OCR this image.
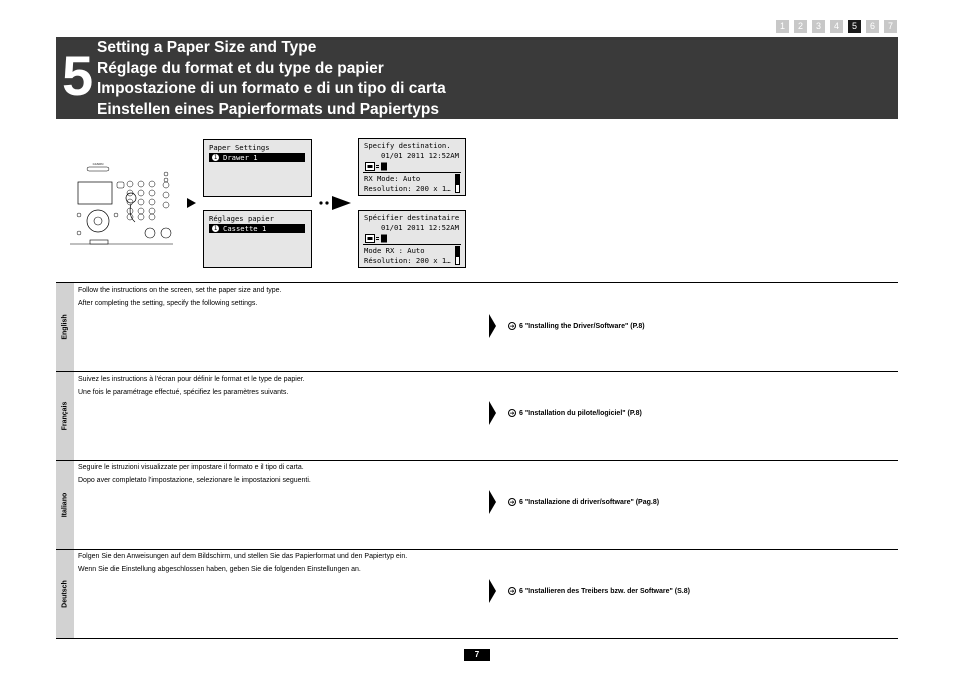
1	2	3	4	5	6	7
5 Setting a Paper Size and Type
Réglage du format et du type de papier
Impostazione di un formato e di un tipo di carta
Einstellen eines Papierformats und Papiertyps
CANON
Paper Settings
1 Drawer 1
Réglages papier
1 Cassette 1
Specify destination.
01/01 2011 12:52AM
RX Mode: Auto
Resolution: 200 x 1…
Spécifier destinataire
01/01 2011 12:52AM
Mode RX : Auto
Résolution: 200 x 1…
English
Français
Italiano
Deutsch
Follow the instructions on the screen, set the paper size and type.
After completing the setting, specify the following settings.
➔ 6 "Installing the Driver/Software" (P.8)
Suivez les instructions à l'écran pour définir le format et le type de papier.
Une fois le paramétrage effectué, spécifiez les paramètres suivants.
➔ 6 "Installation du pilote/logiciel" (P.8)
Seguire le istruzioni visualizzate per impostare il formato e il tipo di carta.
Dopo aver completato l'impostazione, selezionare le impostazioni seguenti.
➔ 6 "Installazione di driver/software" (Pag.8)
Folgen Sie den Anweisungen auf dem Bildschirm, und stellen Sie das Papierformat und den Papiertyp ein.
Wenn Sie die Einstellung abgeschlossen haben, geben Sie die folgenden Einstellungen an.
➔ 6 "Installieren des Treibers bzw. der Software" (S.8)
7
